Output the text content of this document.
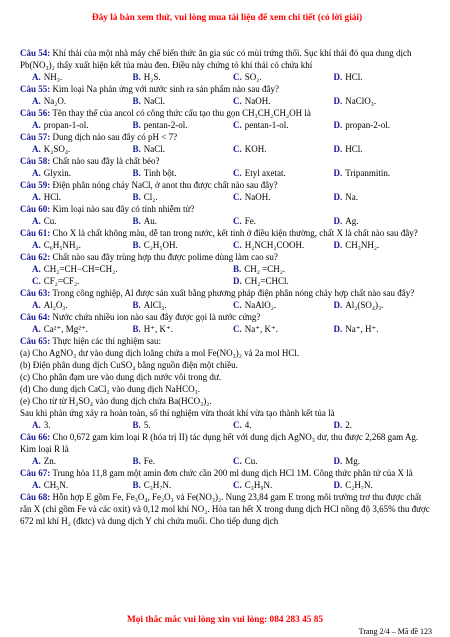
Đây là bản xem thử, vui lòng mua tài liệu để xem chi tiết (có lời giải)
Câu 54: Khí thải của một nhà máy chế biến thức ăn gia súc có mùi trứng thối. Sục khí thải đó qua dung dịch Pb(NO₃)₂ thấy xuất hiện kết tủa màu đen. Điều này chứng tỏ khí thải có chứa khí
A. NH₃.	B. H₂S.	C. SO₂.	D. HCl.
Câu 55: Kim loại Na phản ứng với nước sinh ra sản phẩm nào sau đây?
A. Na₂O.	B. NaCl.	C. NaOH.	D. NaClO₃.
Câu 56: Tên thay thế của ancol có công thức cấu tạo thu gọn CH₃CH₂CH₂OH là
A. propan-1-ol.	B. pentan-2-ol.	C. pentan-1-ol.	D. propan-2-ol.
Câu 57: Dung dịch nào sau đây có pH < 7?
A. K₂SO₄.	B. NaCl.	C. KOH.	D. HCl.
Câu 58: Chất nào sau đây là chất béo?
A. Glyxin.	B. Tinh bột.	C. Etyl axetat.	D. Tripanmitin.
Câu 59: Điện phân nóng chảy NaCl, ở anot thu được chất nào sau đây?
A. HCl.	B. Cl₂.	C. NaOH.	D. Na.
Câu 60: Kim loại nào sau đây có tính nhiễm từ?
A. Cu.	B. Au.	C. Fe.	D. Ag.
Câu 61: Cho X là chất không màu, dễ tan trong nước, kết tinh ở điều kiện thường, chất X là chất nào sau đây?
A. C₆H₅NH₂.	B. C₂H₅OH.	C. H₂NCH₂COOH.	D. CH₃NH₂.
Câu 62: Chất nào sau đây trùng hợp thu được polime dùng làm cao su?
A. CH₂=CH−CH=CH₂.	B. CH₂ =CH₂.
C. CF₂=CF₂.	D. CH₂=CHCl.
Câu 63: Trong công nghiệp, Al được sản xuất bằng phương pháp điện phân nóng chảy hợp chất nào sau đây?
A. Al₂O₃.	B. AlCl₃.	C. NaAlO₂.	D. Al₂(SO₄)₃.
Câu 64: Nước chứa nhiều ion nào sau đây được gọi là nước cứng?
A. Ca²⁺, Mg²⁺.	B. H⁺, K⁺.	C. Na⁺, K⁺.	D. Na⁺, H⁺.
Câu 65: Thực hiện các thí nghiệm sau:
(a) Cho AgNO₃ dư vào dung dịch loãng chứa a mol Fe(NO₃)₂ và 2a mol HCl.
(b) Điện phân dung dịch CuSO₄ bằng nguồn điện một chiều.
(c) Cho phân đạm ure vào dung dịch nước vôi trong dư.
(d) Cho dung dịch CaCl₂ vào dung dịch NaHCO₃.
(e) Cho từ từ H₂SO₄ vào dung dịch chứa Ba(HCO₃)₂.
Sau khi phản ứng xảy ra hoàn toàn, số thí nghiệm vừa thoát khí vừa tạo thành kết tủa là
A. 3.	B. 5.	C. 4.	D. 2.
Câu 66: Cho 0,672 gam kim loại R (hóa trị II) tác dụng hết với dung dịch AgNO₃ dư, thu được 2,268 gam Ag. Kim loại R là
A. Zn.	B. Fe.	C. Cu.	D. Mg.
Câu 67: Trung hòa 11,8 gam một amin đơn chức cần 200 ml dung dịch HCl 1M. Công thức phân tử của X là
A. CH₅N.	B. C₃H₇N.	C. C₃H₉N.	D. C₂H₇N.
Câu 68: Hỗn hợp E gồm Fe, Fe₃O₄, Fe₂O₃ và Fe(NO₃)₂. Nung 23,84 gam E trong môi trường trơ thu được chất rắn X (chỉ gồm Fe và các oxit) và 0,12 mol khí NO₂. Hòa tan hết X trong dung dịch HCl nồng độ 3,65% thu được 672 ml khí H₂ (đktc) và dung dịch Y chỉ chứa muối. Cho tiếp dung dịch
Mọi thắc mắc vui lòng xin vui lòng: 084 283 45 85
Trang 2/4 – Mã đề 123
